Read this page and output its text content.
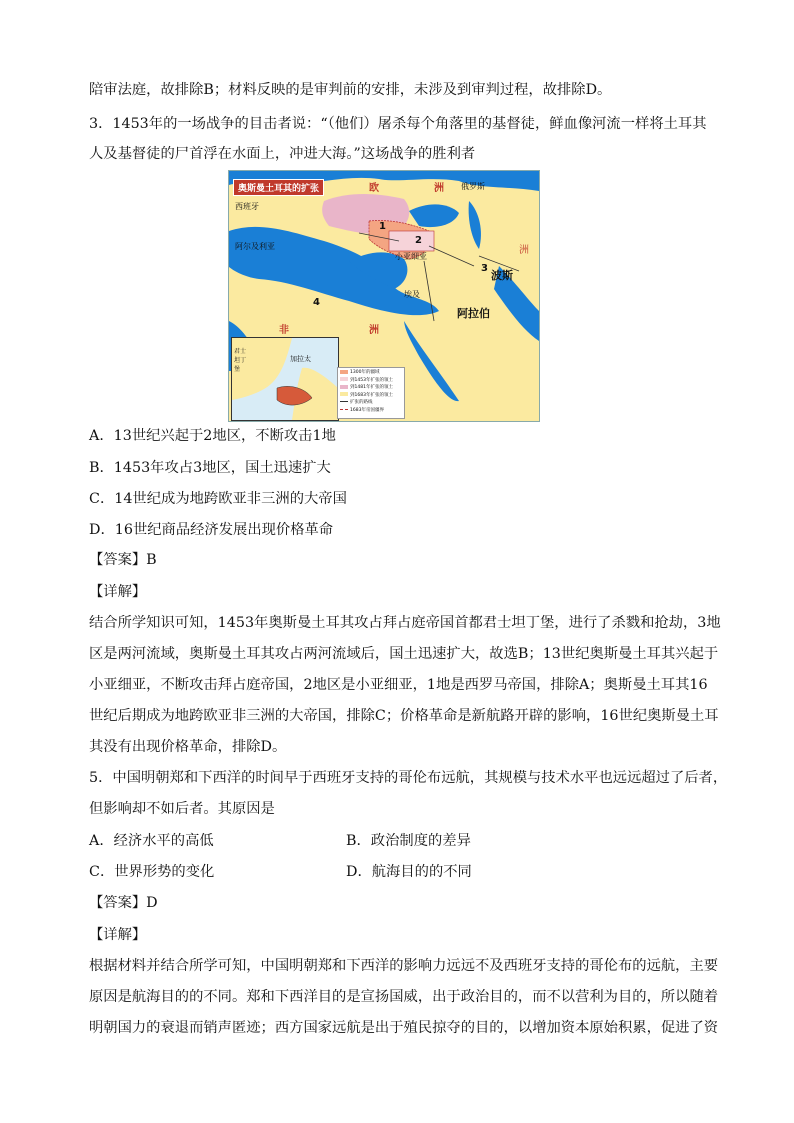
陪审法庭，故排除B；材料反映的是审判前的安排，未涉及到审判过程，故排除D。
3．1453年的一场战争的目击者说：“（他们）屠杀每个角落里的基督徒，鲜血像河流一样将土耳其
人及基督徒的尸首浮在水面上，冲进大海。”这场战争的胜利者
奥斯曼土耳其的扩张
西班牙
欧	洲 俄罗斯
阿尔及利亚
小亚细亚
波斯
阿拉伯
非	洲
洲
埃及
1
2
3
4
加拉太
君士坦丁堡	1300年的疆域
到1453年扩张的领土
到1481年扩张的领土
到1683年扩张的领土
扩张的路线
1683年帝国疆界
A．13世纪兴起于2地区，不断攻击1地
B．1453年攻占3地区，国土迅速扩大
C．14世纪成为地跨欧亚非三洲的大帝国
D．16世纪商品经济发展出现价格革命
【答案】B
【详解】
结合所学知识可知，1453年奥斯曼土耳其攻占拜占庭帝国首都君士坦丁堡，进行了杀戮和抢劫，3地
区是两河流域，奥斯曼土耳其攻占两河流域后，国土迅速扩大，故选B；13世纪奥斯曼土耳其兴起于
小亚细亚，不断攻击拜占庭帝国，2地区是小亚细亚，1地是西罗马帝国，排除A；奥斯曼土耳其16
世纪后期成为地跨欧亚非三洲的大帝国，排除C；价格革命是新航路开辟的影响，16世纪奥斯曼土耳
其没有出现价格革命，排除D。
5．中国明朝郑和下西洋的时间早于西班牙支持的哥伦布远航，其规模与技术水平也远远超过了后者，
但影响却不如后者。其原因是
A．经济水平的高低	B．政治制度的差异
C．世界形势的变化	D．航海目的的不同
【答案】D
【详解】
根据材料并结合所学可知，中国明朝郑和下西洋的影响力远远不及西班牙支持的哥伦布的远航，主要
原因是航海目的的不同。郑和下西洋目的是宣扬国威，出于政治目的，而不以营利为目的，所以随着
明朝国力的衰退而销声匿迹；西方国家远航是出于殖民掠夺的目的，以增加资本原始积累，促进了资
